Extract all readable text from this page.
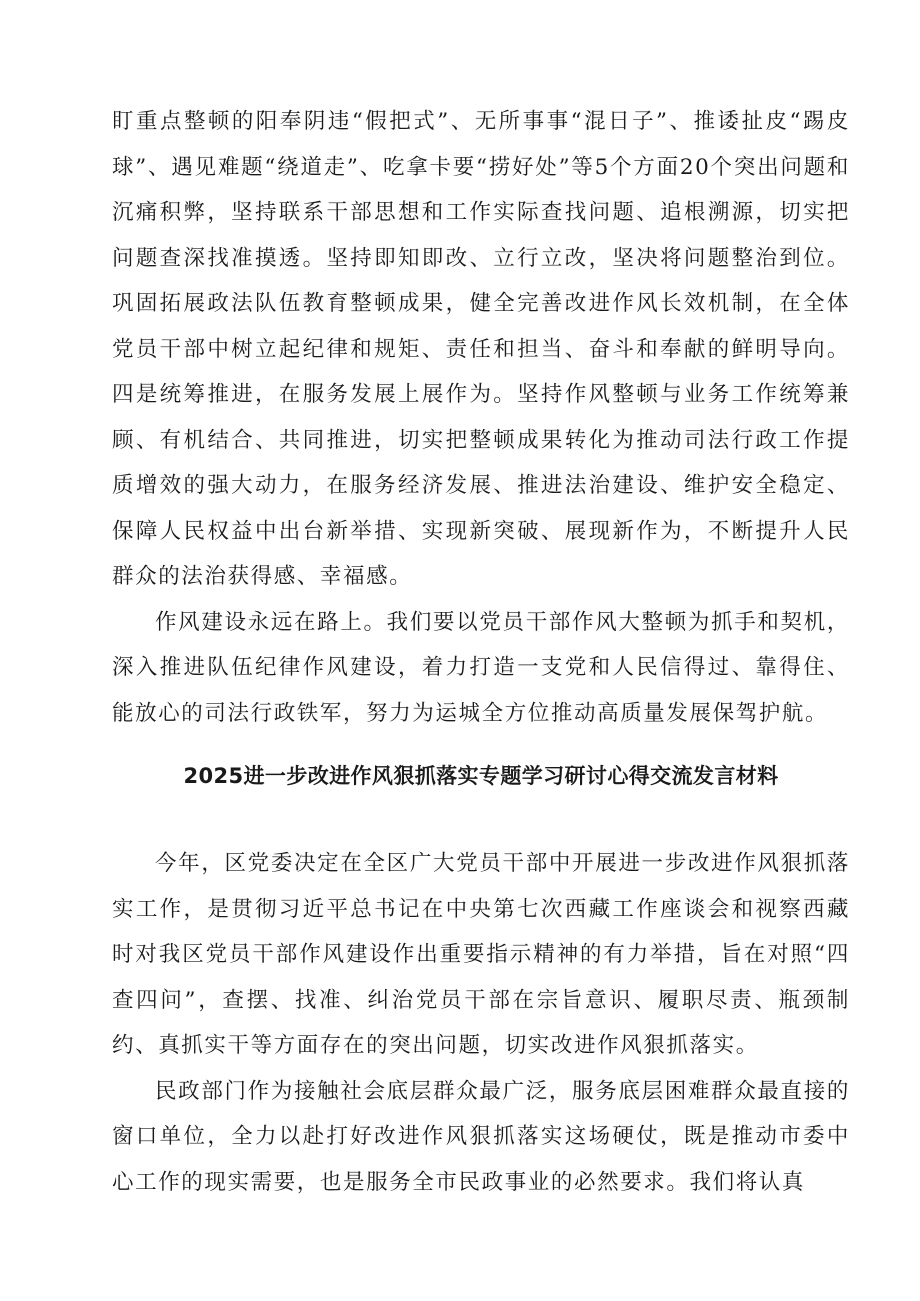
盯重点整顿的阳奉阴违“假把式”、无所事事“混日子”、推诿扯皮“踢皮球”、遇见难题“绕道走”、吃拿卡要“捞好处”等5个方面20个突出问题和沉痛积弊，坚持联系干部思想和工作实际查找问题、追根溯源，切实把问题查深找准摸透。坚持即知即改、立行立改，坚决将问题整治到位。巩固拓展政法队伍教育整顿成果，健全完善改进作风长效机制，在全体党员干部中树立起纪律和规矩、责任和担当、奋斗和奉献的鲜明导向。四是统筹推进，在服务发展上展作为。坚持作风整顿与业务工作统筹兼顾、有机结合、共同推进，切实把整顿成果转化为推动司法行政工作提质增效的强大动力，在服务经济发展、推进法治建设、维护安全稳定、保障人民权益中出台新举措、实现新突破、展现新作为，不断提升人民群众的法治获得感、幸福感。

作风建设永远在路上。我们要以党员干部作风大整顿为抓手和契机，深入推进队伍纪律作风建设，着力打造一支党和人民信得过、靠得住、能放心的司法行政铁军，努力为运城全方位推动高质量发展保驾护航。

2025进一步改进作风狠抓落实专题学习研讨心得交流发言材料

今年，区党委决定在全区广大党员干部中开展进一步改进作风狠抓落实工作，是贯彻习近平总书记在中央第七次西藏工作座谈会和视察西藏时对我区党员干部作风建设作出重要指示精神的有力举措，旨在对照“四查四问”，查摆、找准、纠治党员干部在宗旨意识、履职尽责、瓶颈制约、真抓实干等方面存在的突出问题，切实改进作风狠抓落实。

民政部门作为接触社会底层群众最广泛，服务底层困难群众最直接的窗口单位，全力以赴打好改进作风狠抓落实这场硬仗，既是推动市委中心工作的现实需要，也是服务全市民政事业的必然要求。我们将认真
